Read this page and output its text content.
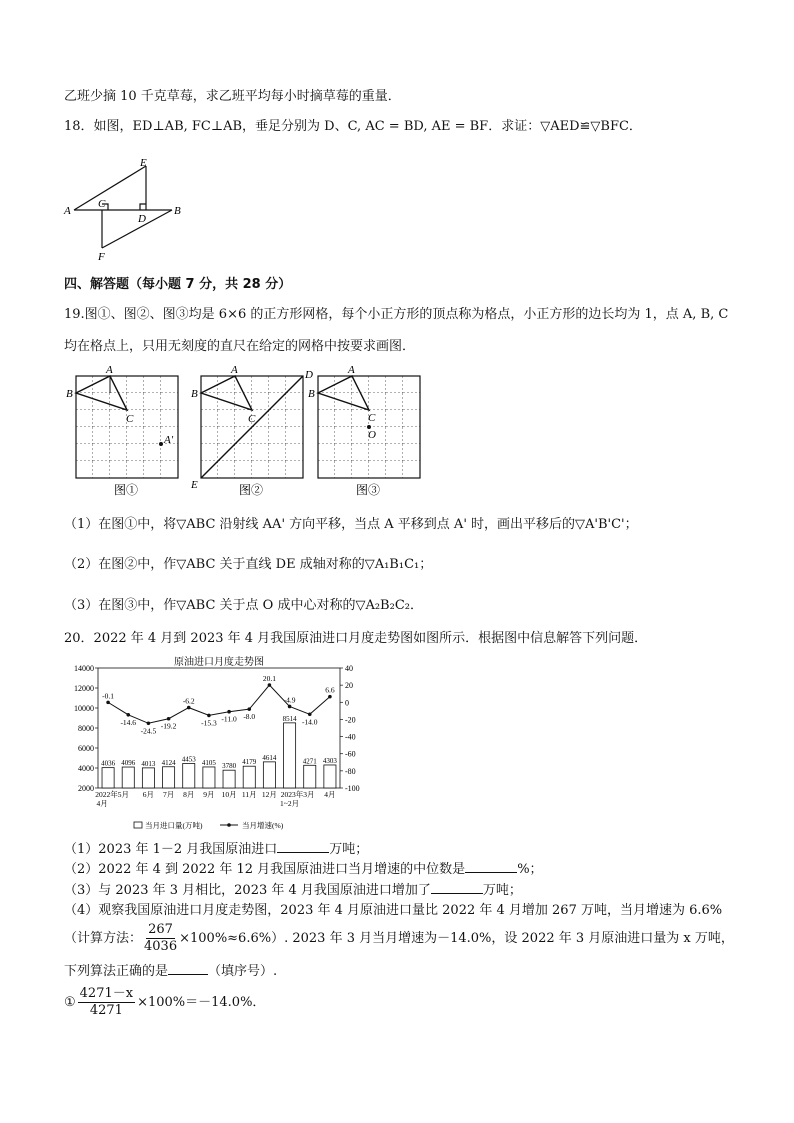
乙班少摘 10 千克草莓，求乙班平均每小时摘草莓的重量．
18．如图，ED⊥AB, FC⊥AB，垂足分别为 D、C, AC = BD, AE = BF．求证：▽AED≌▽BFC．
A	B
C
D
E
F
四、解答题（每小题 7 分，共 28 分）
19.图①、图②、图③均是 6×6 的正方形网格，每个小正方形的顶点称为格点，小正方形的边长均为 1，点 A, B, C
均在格点上，只用无刻度的直尺在给定的网格中按要求画图．
A
B
C
A'
图①
A
B
C
D
E	图②
A
B
C
O
图③
（1）在图①中，将▽ABC 沿射线 AA' 方向平移，当点 A 平移到点 A' 时，画出平移后的▽A'B'C'；
（2）在图②中，作▽ABC 关于直线 DE 成轴对称的▽A₁B₁C₁；
（3）在图③中，作▽ABC 关于点 O 成中心对称的▽A₂B₂C₂．
20．2022 年 4 月到 2023 年 4 月我国原油进口月度走势图如图所示．根据图中信息解答下列问题．
原油进口月度走势图
14000
12000
10000
8000
6000
4000
2000
40
20
0
-20
-40
-60
-80
-100
4036 4096 4013 4124 4453 4105 3780 4179
4614
8514
4271 4303
-0.1
-14.6
-24.5
-19.2
-6.2
-15.3 -11.0 -8.0
20.1
-4.9
-14.0
6.6
2022年5月 6月 7月 8月 9月 10月 11月 12月 2023年3月 4月
4月	1~2月
当月进口量(万吨)	当月增速(%)
（1）2023 年 1－2 月我国原油进口	万吨；
（2）2022 年 4 到 2022 年 12 月我国原油进口当月增速的中位数是	%；
（3）与 2023 年 3 月相比，2023 年 4 月我国原油进口增加了	万吨；
（4）观察我国原油进口月度走势图，2023 年 4 月原油进口量比 2022 年 4 月增加 267 万吨，当月增速为 6.6%
（计算方法： $\frac{267}{4036} \times 100\%\approx 6.6\%$）. 2023 年 3 月当月增速为－14.0%，设 2022 年 3 月原油进口量为 x 万吨，
下列算法正确的是	（填序号）.
① $\frac{4271-x}{4271} \times 100\%=-14.0\%$．
